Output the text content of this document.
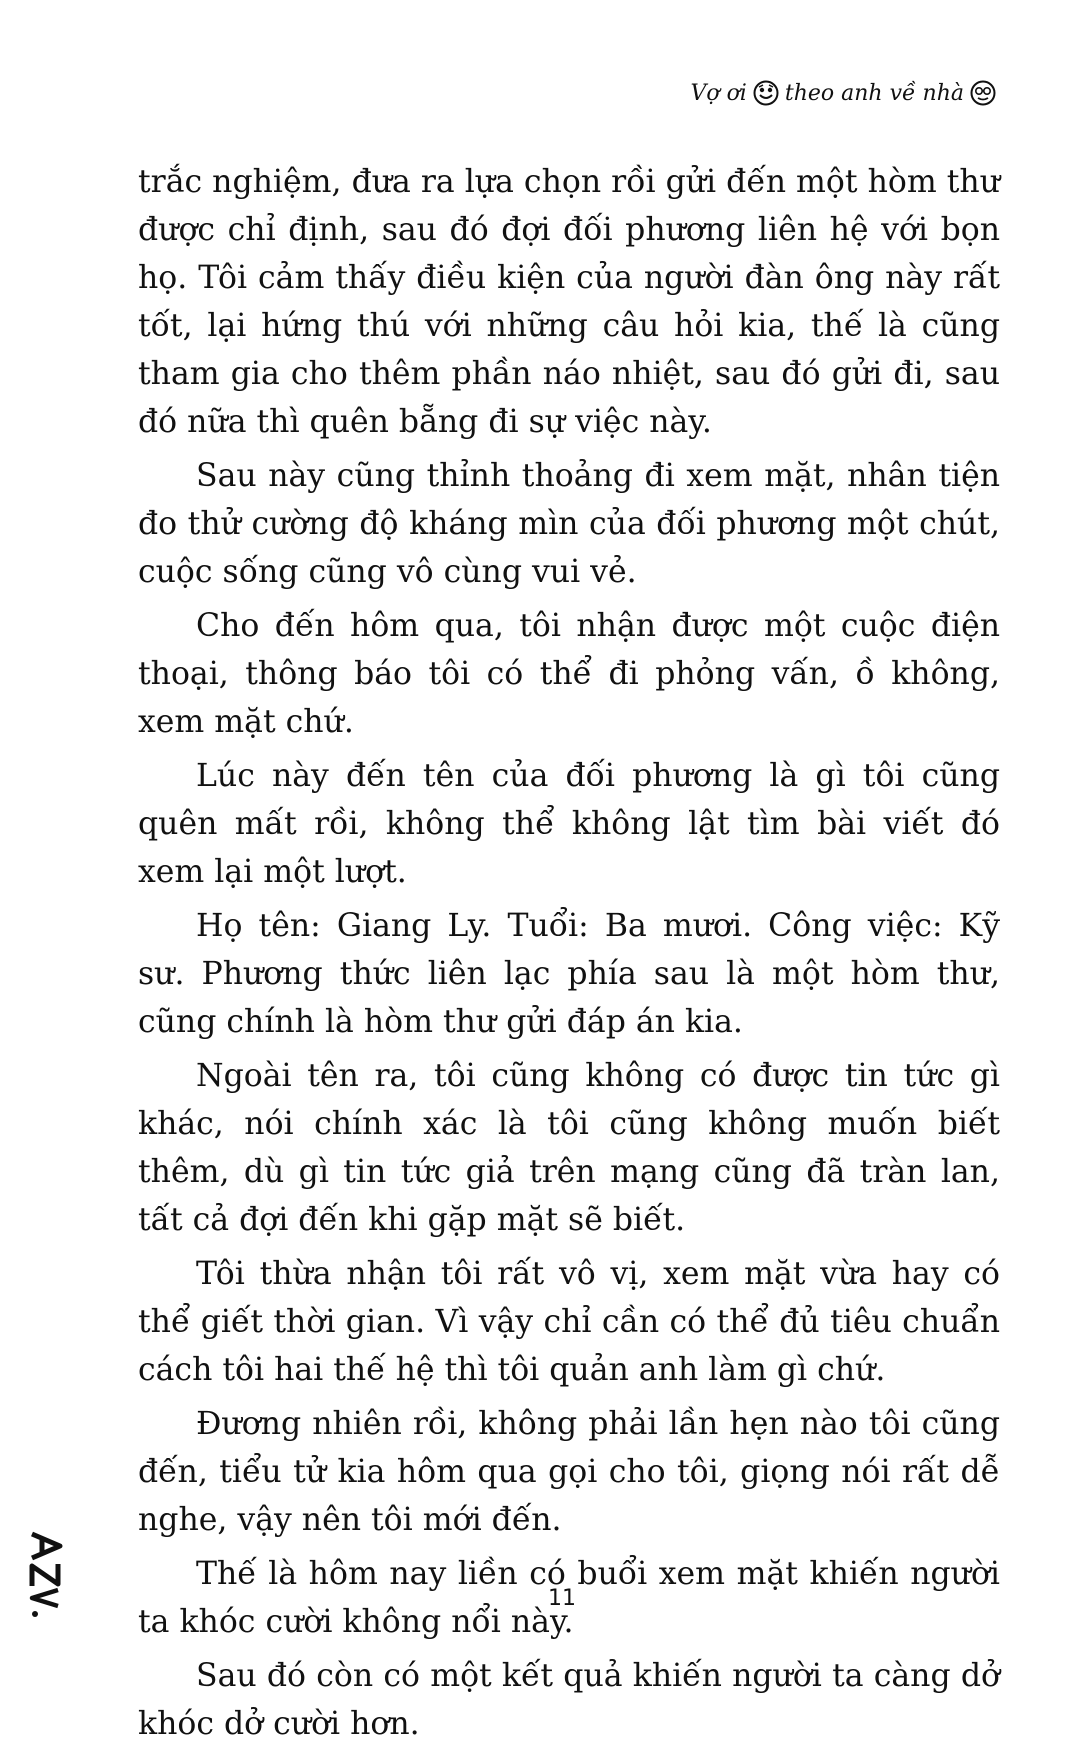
Vợ ơi theo anh về nhà

trắc nghiệm, đưa ra lựa chọn rồi gửi đến một hòm thư được chỉ định, sau đó đợi đối phương liên hệ với bọn họ. Tôi cảm thấy điều kiện của người đàn ông này rất tốt, lại hứng thú với những câu hỏi kia, thế là cũng tham gia cho thêm phần náo nhiệt, sau đó gửi đi, sau đó nữa thì quên bẵng đi sự việc này.

Sau này cũng thỉnh thoảng đi xem mặt, nhân tiện đo thử cường độ kháng mìn của đối phương một chút, cuộc sống cũng vô cùng vui vẻ.

Cho đến hôm qua, tôi nhận được một cuộc điện thoại, thông báo tôi có thể đi phỏng vấn, ồ không, xem mặt chứ.

Lúc này đến tên của đối phương là gì tôi cũng quên mất rồi, không thể không lật tìm bài viết đó xem lại một lượt.

Họ tên: Giang Ly. Tuổi: Ba mươi. Công việc: Kỹ sư. Phương thức liên lạc phía sau là một hòm thư, cũng chính là hòm thư gửi đáp án kia.

Ngoài tên ra, tôi cũng không có được tin tức gì khác, nói chính xác là tôi cũng không muốn biết thêm, dù gì tin tức giả trên mạng cũng đã tràn lan, tất cả đợi đến khi gặp mặt sẽ biết.

Tôi thừa nhận tôi rất vô vị, xem mặt vừa hay có thể giết thời gian. Vì vậy chỉ cần có thể đủ tiêu chuẩn cách tôi hai thế hệ thì tôi quản anh làm gì chứ.

Đương nhiên rồi, không phải lần hẹn nào tôi cũng đến, tiểu tử kia hôm qua gọi cho tôi, giọng nói rất dễ nghe, vậy nên tôi mới đến.

Thế là hôm nay liền có buổi xem mặt khiến người ta khóc cười không nổi này.

Sau đó còn có một kết quả khiến người ta càng dở khóc dở cười hơn.

11
